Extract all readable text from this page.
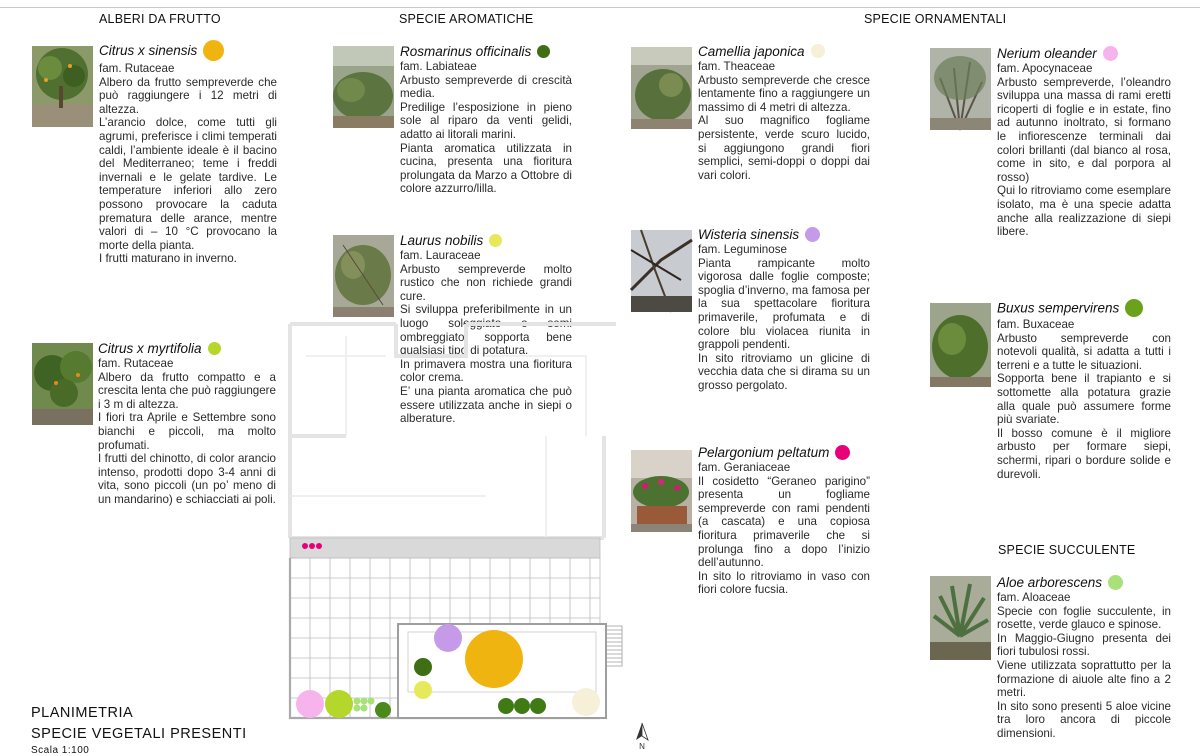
ALBERI DA FRUTTO	SPECIE AROMATICHE	SPECIE ORNAMENTALI
SPECIE SUCCULENTE
Citrus x sinensis
fam. Rutaceae

Albero da frutto sempreverde che può raggiungere i 12 metri di altezza.

L’arancio dolce, come tutti gli agrumi, preferisce i climi temperati caldi, l’ambiente ideale è il bacino del Mediterraneo; teme i freddi invernali e le gelate tardive. Le temperature inferiori allo zero possono provocare la caduta prematura delle arance, mentre valori di – 10 °C provocano la morte della pianta.

I frutti maturano in inverno.

Citrus x myrtifolia
fam. Rutaceae

Albero da frutto compatto e a crescita lenta che può raggiungere i 3 m di altezza.

I fiori tra Aprile e Settembre sono bianchi e piccoli, ma molto profumati.

I frutti del chinotto, di color arancio intenso, prodotti dopo 3-4 anni di vita, sono piccoli (un po’ meno di un mandarino) e schiacciati ai poli.

Rosmarinus officinalis
fam. Labiateae

Arbusto sempreverde di crescità media.

Predilige l’esposizione in pieno sole al riparo da venti gelidi, adatto ai litorali marini.

Pianta aromatica utilizzata in cucina, presenta una fioritura prolungata da Marzo a Ottobre di colore azzurro/lilla.

Laurus nobilis
fam. Lauraceae

Arbusto sempreverde molto rustico che non richiede grandi cure.

Si sviluppa preferibilmente in un luogo soleggiato o semi ombreggiato; sopporta bene qualsiasi tipo di potatura.

In primavera mostra una fioritura color crema.

E’ una pianta aromatica che può essere utilizzata anche in siepi o alberature.

Camellia japonica
fam. Theaceae

Arbusto sempreverde che cresce lentamente fino a raggiungere un massimo di 4 metri di altezza.

Al suo magnifico fogliame persistente, verde scuro lucido, si aggiungono grandi fiori semplici, semi-doppi o doppi dai vari colori.

Wisteria sinensis
fam. Leguminose

Pianta rampicante molto vigorosa dalle foglie composte; spoglia d’inverno, ma famosa per la sua spettacolare fioritura primaverile, profumata e di colore blu violacea riunita in grappoli pendenti.

In sito ritroviamo un glicine di vecchia data che si dirama su un grosso pergolato.

Pelargonium peltatum
fam. Geraniaceae

Il cosidetto “Geraneo parigino” presenta un fogliame sempreverde con rami pendenti (a cascata) e una copiosa fioritura primaverile che si prolunga fino a dopo l’inizio dell’autunno.

In sito lo ritroviamo in vaso con fiori colore fucsia.

Nerium oleander
fam. Apocynaceae

Arbusto sempreverde, l’oleandro sviluppa una massa di rami eretti ricoperti di foglie e in estate, fino ad autunno inoltrato, si formano le infiorescenze terminali dai colori brillanti (dal bianco al rosa, come in sito, e dal porpora al rosso)

Qui lo ritroviamo come esemplare isolato, ma è una specie adatta anche alla realizzazione di siepi libere.

Buxus sempervirens
fam. Buxaceae

Arbusto sempreverde con notevoli qualità, si adatta a tutti i terreni e a tutte le situazioni.

Sopporta bene il trapianto e si sottomette alla potatura grazie alla quale può assumere forme più svariate.

Il bosso comune è il migliore arbusto per formare siepi, schermi, ripari o bordure solide e durevoli.

Aloe arborescens
fam. Aloaceae

Specie con foglie succulente, in rosette, verde glauco e spinose.

In Maggio-Giugno presenta dei fiori tubulosi rossi.

Viene utilizzata soprattutto per la formazione di aiuole alte fino a 2 metri.

In sito sono presenti 5 aloe vicine tra loro ancora di piccole dimensioni.

N
PLANIMETRIA
SPECIE VEGETALI PRESENTI
Scala 1:100
